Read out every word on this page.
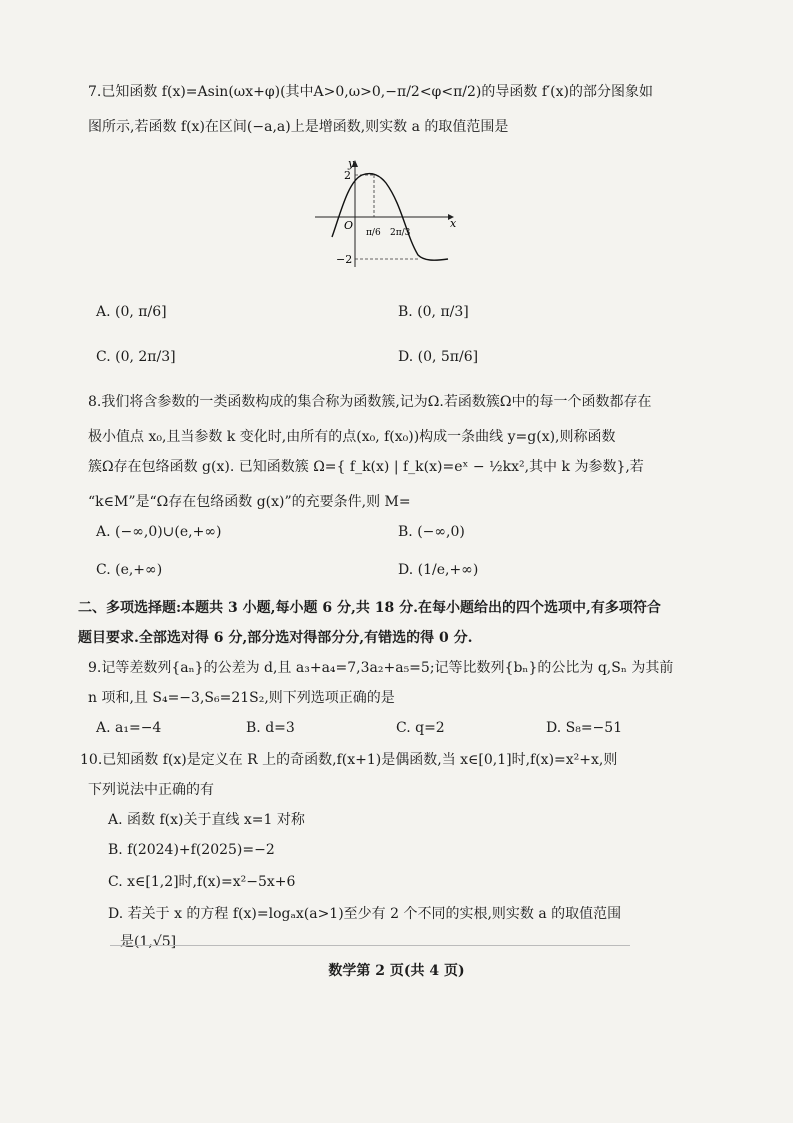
7.已知函数 f(x)=Asin(ωx+φ)(其中A>0,ω>0,−π/2<φ<π/2)的导函数 f′(x)的部分图象如
图所示,若函数 f(x)在区间(−a,a)上是增函数,则实数 a 的取值范围是
y
x
O
2
−2
π/6 2π/3
A. (0, π/6]	B. (0, π/3]
C. (0, 2π/3]	D. (0, 5π/6]
8.我们将含参数的一类函数构成的集合称为函数簇,记为Ω.若函数簇Ω中的每一个函数都存在
极小值点 x₀,且当参数 k 变化时,由所有的点(x₀, f(x₀))构成一条曲线 y=g(x),则称函数
簇Ω存在包络函数 g(x). 已知函数簇 Ω={ f_k(x) | f_k(x)=eˣ − ½kx²,其中 k 为参数},若
“k∈M”是“Ω存在包络函数 g(x)”的充要条件,则 M=
A. (−∞,0)∪(e,+∞)	B. (−∞,0)
C. (e,+∞)	D. (1/e,+∞)
二、多项选择题:本题共 3 小题,每小题 6 分,共 18 分.在每小题给出的四个选项中,有多项符合
题目要求.全部选对得 6 分,部分选对得部分分,有错选的得 0 分.
9.记等差数列{aₙ}的公差为 d,且 a₃+a₄=7,3a₂+a₅=5;记等比数列{bₙ}的公比为 q,Sₙ 为其前
n 项和,且 S₄=−3,S₆=21S₂,则下列选项正确的是
A. a₁=−4	B. d=3	C. q=2	D. S₈=−51
10.已知函数 f(x)是定义在 R 上的奇函数,f(x+1)是偶函数,当 x∈[0,1]时,f(x)=x²+x,则
下列说法中正确的有
A. 函数 f(x)关于直线 x=1 对称
B. f(2024)+f(2025)=−2
C. x∈[1,2]时,f(x)=x²−5x+6
D. 若关于 x 的方程 f(x)=logₐx(a>1)至少有 2 个不同的实根,则实数 a 的取值范围
是(1,√5]
数学第 2 页(共 4 页)
